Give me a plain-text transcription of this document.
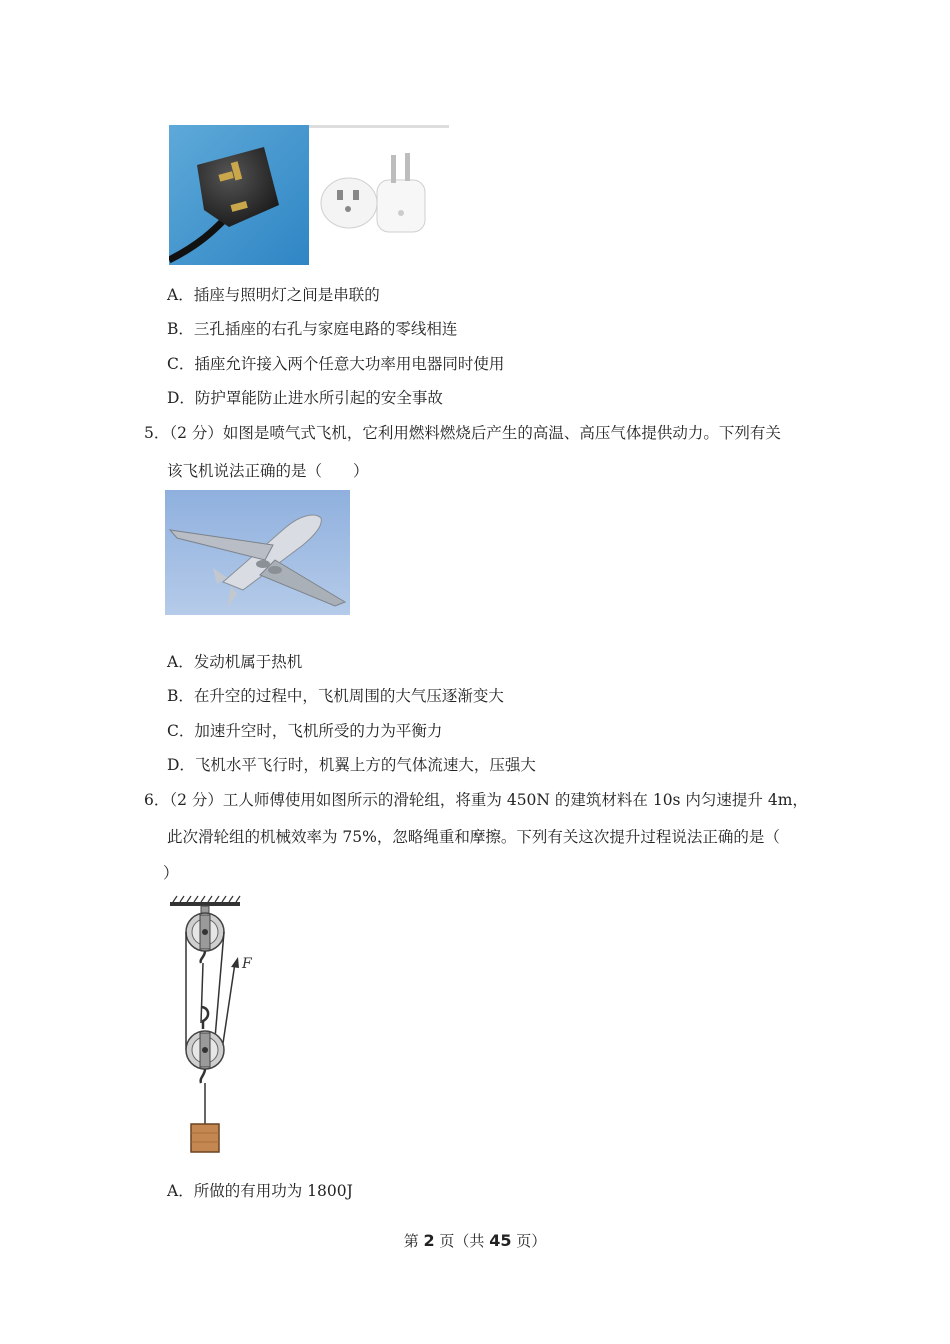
A．插座与照明灯之间是串联的
B．三孔插座的右孔与家庭电路的零线相连
C．插座允许接入两个任意大功率用电器同时使用
D．防护罩能防止进水所引起的安全事故
5．（2 分）如图是喷气式飞机，它利用燃料燃烧后产生的高温、高压气体提供动力。下列有关
该飞机说法正确的是（　　）
A．发动机属于热机
B．在升空的过程中，飞机周围的大气压逐渐变大
C．加速升空时，飞机所受的力为平衡力
D．飞机水平飞行时，机翼上方的气体流速大，压强大
6．（2 分）工人师傅使用如图所示的滑轮组，将重为 450N 的建筑材料在 10s 内匀速提升 4m，
此次滑轮组的机械效率为 75%，忽略绳重和摩擦。下列有关这次提升过程说法正确的是（
）
F
A．所做的有用功为 1800J
第 2 页（共 45 页）
